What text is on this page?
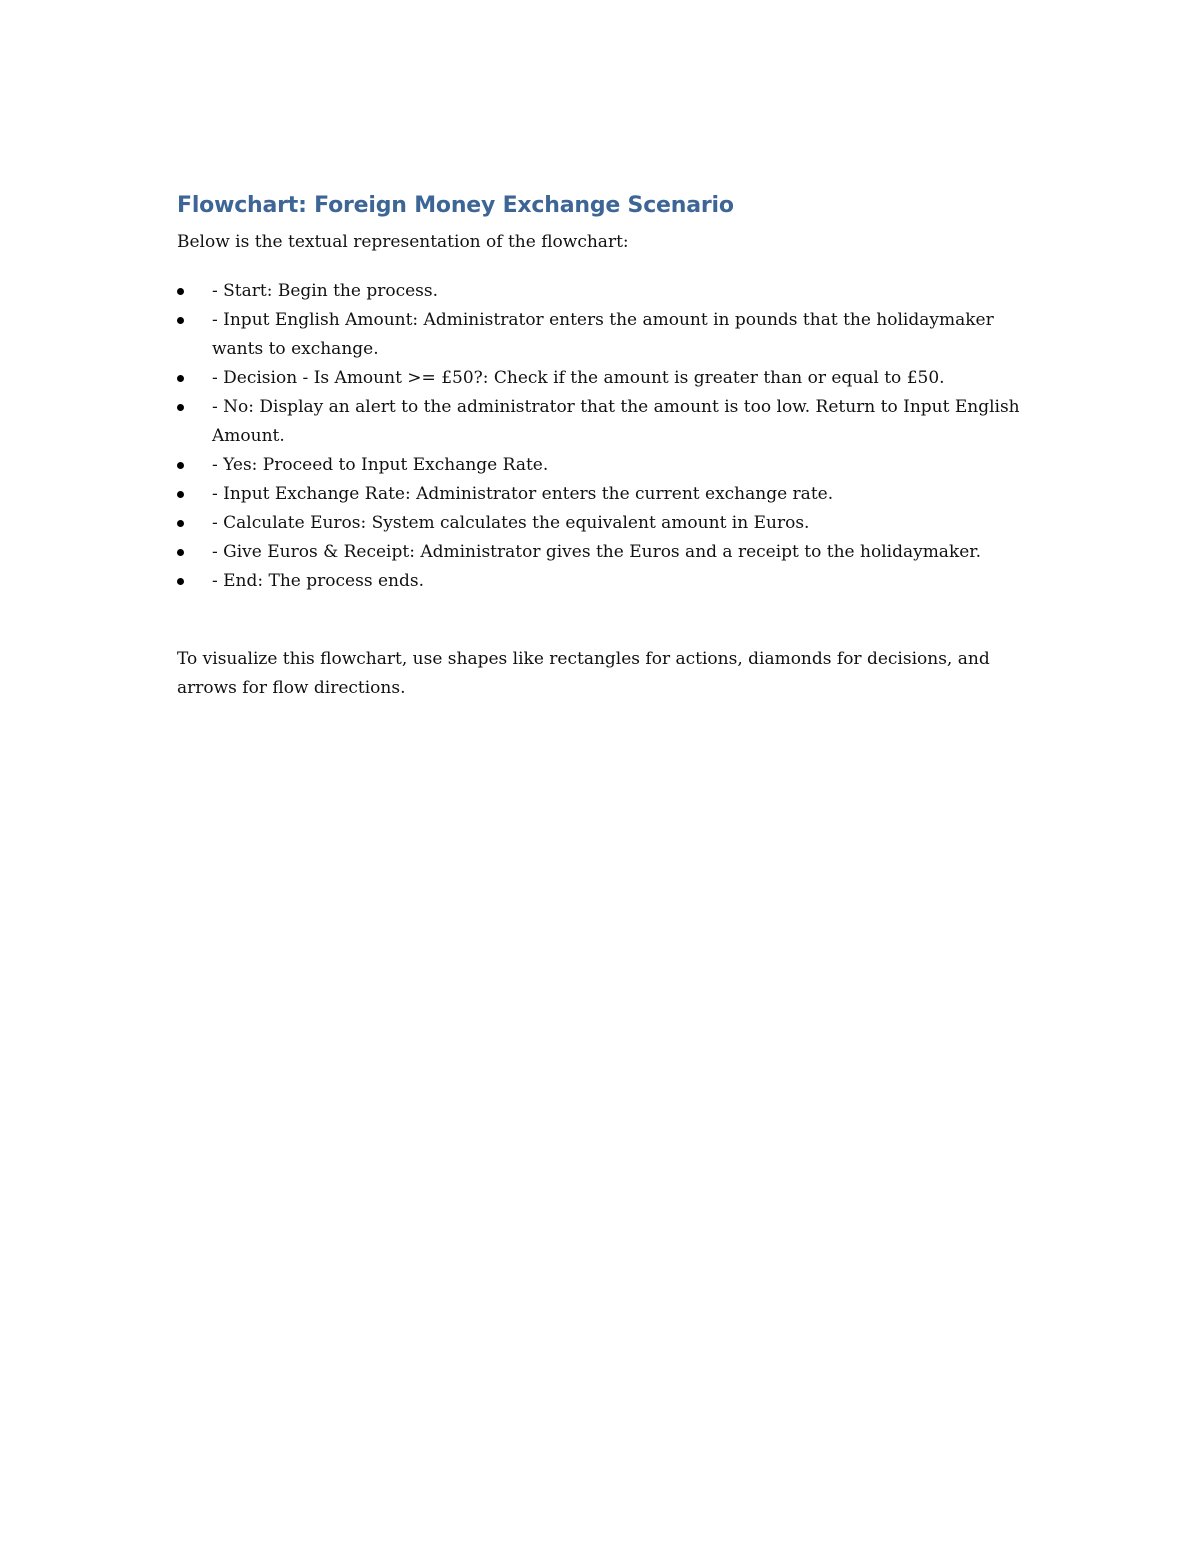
Flowchart: Foreign Money Exchange Scenario

Below is the textual representation of the flowchart:

- Start: Begin the process.
- Input English Amount: Administrator enters the amount in pounds that the holidaymaker wants to exchange.
- Decision - Is Amount >= £50?: Check if the amount is greater than or equal to £50.
- No: Display an alert to the administrator that the amount is too low. Return to Input English Amount.
- Yes: Proceed to Input Exchange Rate.
- Input Exchange Rate: Administrator enters the current exchange rate.
- Calculate Euros: System calculates the equivalent amount in Euros.
- Give Euros & Receipt: Administrator gives the Euros and a receipt to the holidaymaker.
- End: The process ends.

To visualize this flowchart, use shapes like rectangles for actions, diamonds for decisions, and arrows for flow directions.
